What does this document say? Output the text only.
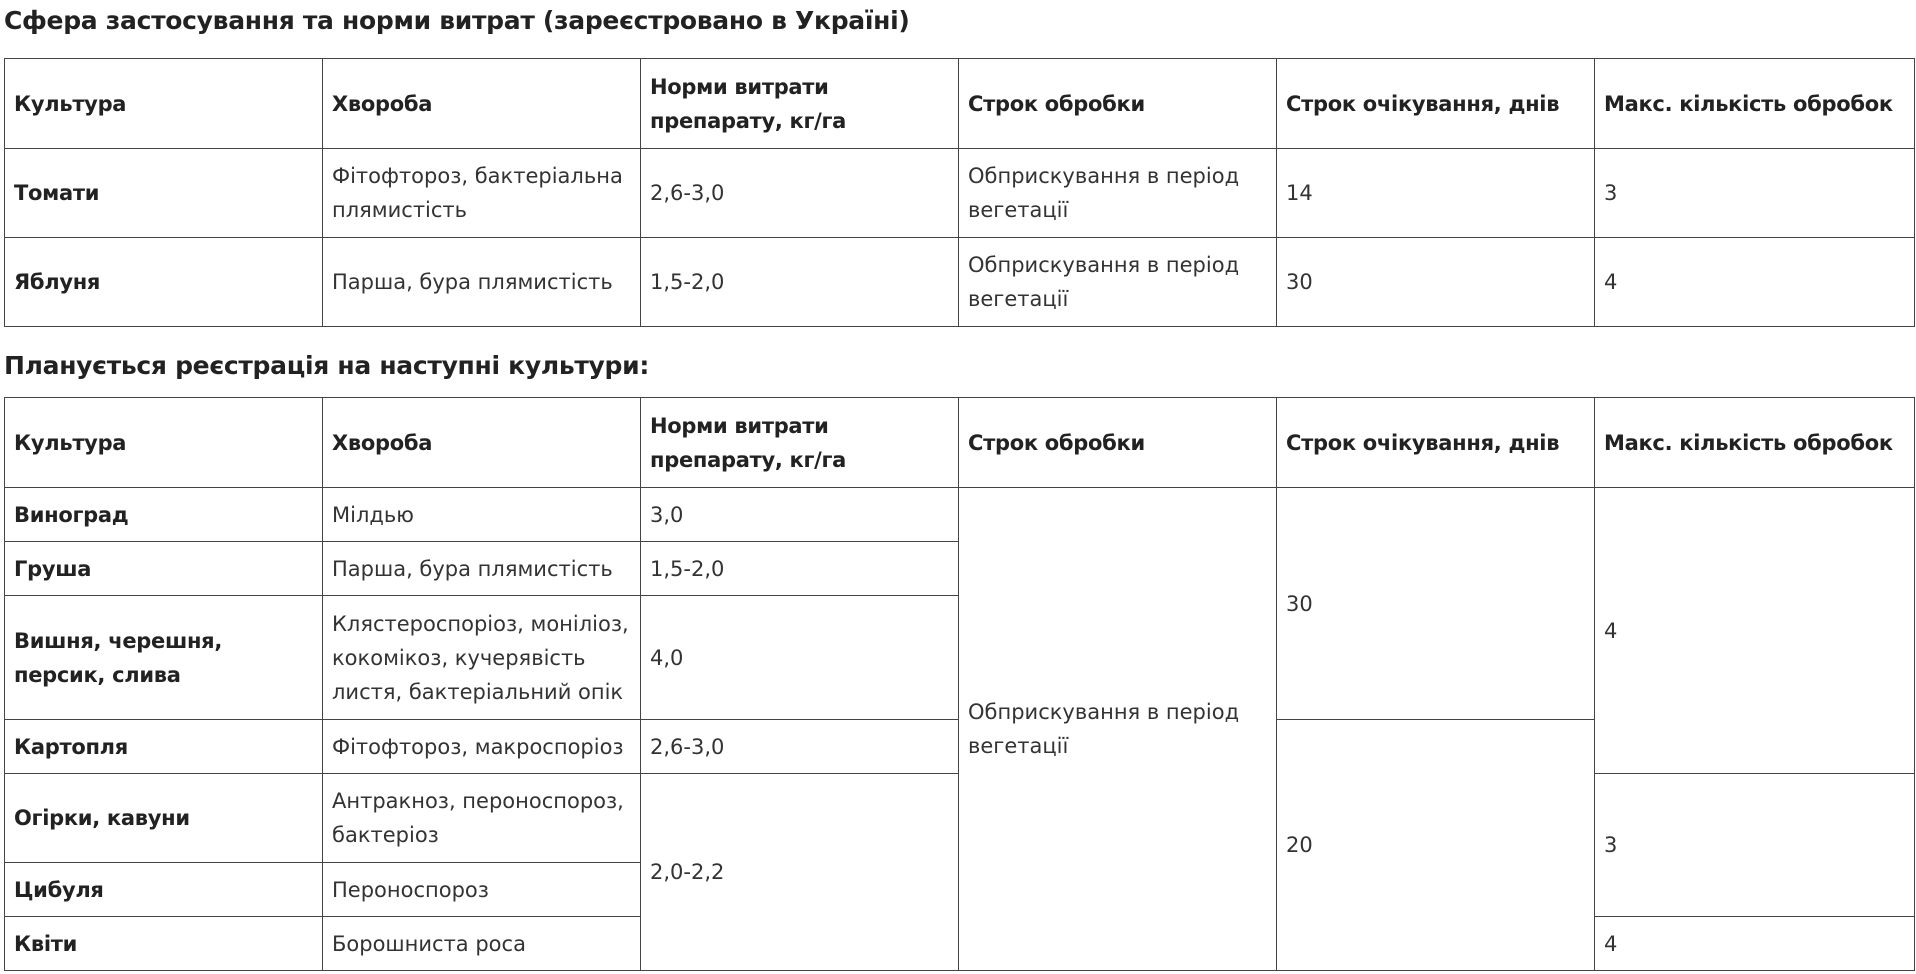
Сфера застосування та норми витрат (зареєстровано в Україні)
Культура	Хвороба	Норми витрати препарату, кг/га	Строк обробки	Строк очікування, днів	Макс. кількість обробок
Томати	Фітофтороз, бактеріальна плямистість	2,6-3,0	Обприскування в період вегетації	14	3
Яблуня	Парша, бура плямистість	1,5-2,0	Обприскування в період вегетації	30	4
Планується реєстрація на наступні культури:
Культура	Хвороба	Норми витрати препарату, кг/га	Строк обробки	Строк очікування, днів	Макс. кількість обробок
Виноград	Мілдью	3,0	Обприскування в період вегетації	30	4
Груша	Парша, бура плямистість	1,5-2,0			
Вишня, черешня, персик, слива	Клястероспоріоз, моніліоз, кокомікоз, кучерявість листя, бактеріальний опік	4,0			
Картопля	Фітофтороз, макроспоріоз	2,6-3,0		20	
Огірки, кавуни	Антракноз, пероноспороз, бактеріоз	2,0-2,2			3
Цибуля	Пероноспороз				
Квіти	Борошниста роса				4
